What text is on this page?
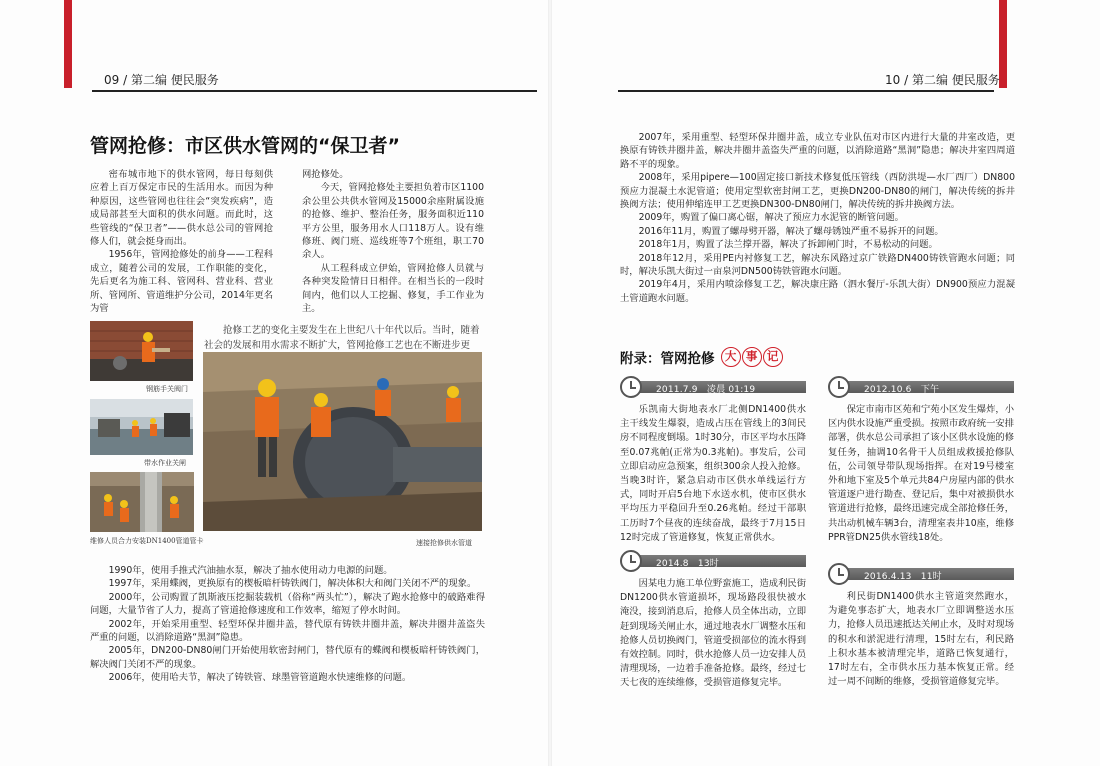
09 / 第二编 便民服务
管网抢修：市区供水管网的“保卫者”

密布城市地下的供水管网，每日每刻供应着上百万保定市民的生活用水。而因为种种原因，这些管网也往往会“突发疾病”，造成局部甚至大面积的供水问题。而此时，这些管线的“保卫者”——供水总公司的管网抢修人们，就会挺身而出。

1956年，管网抢修处的前身——工程科成立，随着公司的发展，工作职能的变化，先后更名为施工科、管网科、营业科、营业所、管网所、管道维护分公司，2014年更名为管

网抢修处。

今天，管网抢修处主要担负着市区1100余公里公共供水管网及15000余座附属设施的抢修、维护、整治任务，服务面积近110平方公里，服务用水人口118万人。设有维修班、阀门班、巡线班等7个班组，职工70余人。

从工程科成立伊始，管网抢修人员就与各种突发险情日日相伴。在相当长的一段时间内，他们以人工挖掘、修复，手工作业为主。

钢筋手关阀门
带水作业关闸
维修人员合力安装DN1400管道管卡
抢修工艺的变化主要发生在上世纪八十年代以后。当时，随着社会的发展和用水需求不断扩大，管网抢修工艺也在不断进步更
速接抢修供水管道

1990年，使用手推式汽油抽水泵，解决了抽水使用动力电源的问题。

1997年，采用蝶阀，更换原有的楔板暗杆铸铁阀门，解决体积大和阀门关闭不严的现象。

2000年，公司购置了凯斯液压挖掘装载机（俗称“两头忙”），解决了跑水抢修中的破路难得问题，大量节省了人力，提高了管道抢修速度和工作效率，缩短了停水时间。

2002年，开始采用重型、轻型环保井圈井盖，替代原有铸铁井圈井盖，解决井圈井盖盗失严重的问题，以消除道路“黑洞”隐患。

2005年，DN200-DN80闸门开始使用软密封闸门，替代原有的蝶阀和楔板暗杆铸铁阀门，解决阀门关闭不严的现象。

2006年，使用哈夫节，解决了铸铁管、球墨管管道跑水快速维修的问题。

10 / 第二编 便民服务

2007年，采用重型、轻型环保井圈井盖，成立专业队伍对市区内进行大量的井室改造，更换原有铸铁井圈井盖，解决井圈井盖盗失严重的问题，以消除道路“黑洞”隐患；解决井室四周道路不平的现象。

2008年，采用pipere—100固定接口新技术修复低压管线（西防洪堤—水厂西厂）DN800预应力混凝土水泥管道；使用定型软密封闸工艺，更换DN200-DN80的闸门，解决传统的拆井换阀方法；使用伸缩连甲工艺更换DN300-DN80闸门，解决传统的拆井换阀方法。

2009年，购置了偏口离心锯，解决了预应力水泥管的断管问题。

2016年11月，购置了螺母劈开器，解决了螺母锈蚀严重不易拆开的问题。

2018年1月，购置了法兰撑开器，解决了拆卸闸门时，不易松动的问题。

2018年12月，采用PE内衬修复工艺，解决东风路过京广铁路DN400铸铁管跑水问题；同时，解决乐凯大街过一亩泉河DN500铸铁管跑水问题。

2019年4月，采用内喷涂修复工艺，解决康庄路（泗水餐厅-乐凯大街）DN900预应力混凝土管道跑水问题。

附录：管网抢修 大 事 记
2011.7.9　凌晨 01:19

乐凯南大街地表水厂北侧DN1400供水主干线发生爆裂，造成占压在管线上的3间民房不同程度倒塌。1时30分，市区平均水压降至0.07兆帕(正常为0.3兆帕)。事发后，公司立即启动应急预案，组织300余人投入抢修。当晚3时许，紧急启动市区供水单线运行方式，同时开启5台地下水送水机，使市区供水平均压力平稳回升至0.26兆帕。经过干部职工历时7个昼夜的连续奋战，最终于7月15日12时完成了管道修复，恢复正常供水。

2012.10.6　下午

保定市南市区苑和宁苑小区发生爆炸，小区内供水设施严重受损。按照市政府统一安排部署，供水总公司承担了该小区供水设施的修复任务，抽调10名骨干人员组成救援抢修队伍，公司领导带队现场指挥。在对19号楼室外和地下室及5个单元共84户房屋内部的供水管道逐户进行勘查、登记后，集中对被损供水管道进行抢修，最终迅速完成全部抢修任务，共出动机械车辆3台，清理室表井10座，维修PPR管DN25供水管线18处。

2014.8　13时

因某电力施工单位野蛮施工，造成利民街DN1200供水管道损坏，现场路段很快被水淹没，接到消息后，抢修人员全体出动，立即赶到现场关闸止水，通过地表水厂调整水压和抢修人员切换阀门，管道受损部位的流水得到有效控制。同时，供水抢修人员一边安排人员清理现场，一边着手准备抢修。最终，经过七天七夜的连续维修，受损管道修复完毕。

2016.4.13　11时

利民街DN1400供水主管道突然跑水，为避免事态扩大，地表水厂立即调整送水压力，抢修人员迅速抵达关闸止水，及时对现场的积水和淤泥进行清理，15时左右，利民路上积水基本被清理完毕，道路已恢复通行，17时左右，全市供水压力基本恢复正常。经过一周不间断的维修，受损管道修复完毕。
